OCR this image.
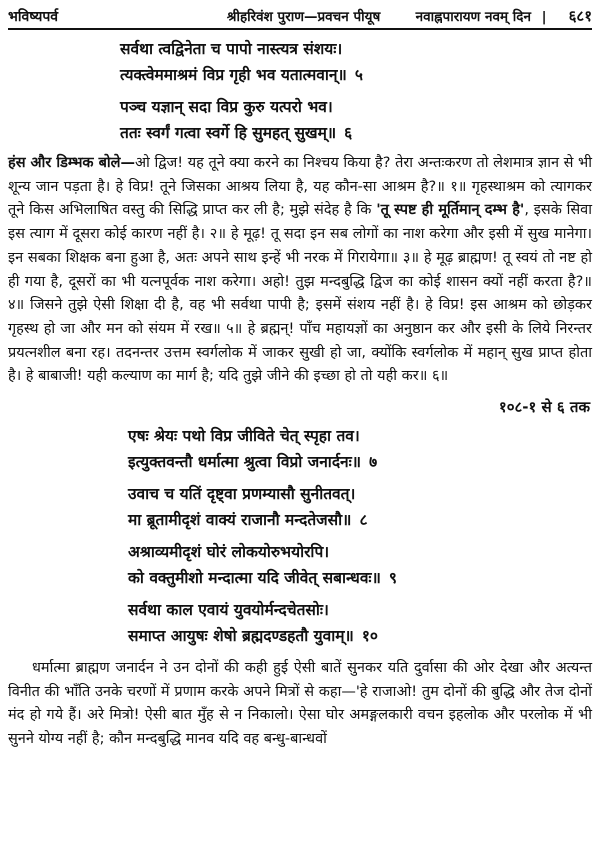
भविष्यपर्व	श्रीहरिवंश पुराण—प्रवचन पीयूष	नवाह्नपारायण नवम् दिन |	६८१
सर्वथा त्वद्विनेता च पापो नास्त्यत्र संशयः।
त्यक्त्वेममाश्रमं विप्र गृही भव यतात्मवान्॥ ५
पञ्च यज्ञान् सदा विप्र कुरु यत्परो भव।
ततः स्वर्गं गत्वा स्वर्गे हि सुमहत् सुखम्॥ ६

हंस और डिम्भक बोले—ओ द्विज! यह तूने क्या करने का निश्चय किया है? तेरा अन्तःकरण तो लेशमात्र ज्ञान से भी शून्य जान पड़ता है। हे विप्र! तूने जिसका आश्रय लिया है, यह कौन-सा आश्रम है?॥ १॥ गृहस्थाश्रम को त्यागकर तूने किस अभिलाषित वस्तु की सिद्धि प्राप्त कर ली है; मुझे संदेह है कि 'तू स्पष्ट ही मूर्तिमान् दम्भ है', इसके सिवा इस त्याग में दूसरा कोई कारण नहीं है। २॥ हे मूढ़! तू सदा इन सब लोगों का नाश करेगा और इसी में सुख मानेगा। इन सबका शिक्षक बना हुआ है, अतः अपने साथ इन्हें भी नरक में गिरायेगा॥ ३॥ हे मूढ़ ब्राह्मण! तू स्वयं तो नष्ट हो ही गया है, दूसरों का भी यत्नपूर्वक नाश करेगा। अहो! तुझ मन्दबुद्धि द्विज का कोई शासन क्यों नहीं करता है?॥ ४॥ जिसने तुझे ऐसी शिक्षा दी है, वह भी सर्वथा पापी है; इसमें संशय नहीं है। हे विप्र! इस आश्रम को छोड़कर गृहस्थ हो जा और मन को संयम में रख॥ ५॥ हे ब्रह्मन्! पाँच महायज्ञों का अनुष्ठान कर और इसी के लिये निरन्तर प्रयत्नशील बना रह। तदनन्तर उत्तम स्वर्गलोक में जाकर सुखी हो जा, क्योंकि स्वर्गलोक में महान् सुख प्राप्त होता है। हे बाबाजी! यही कल्याण का मार्ग है; यदि तुझे जीने की इच्छा हो तो यही कर॥ ६॥

१०८-१ से ६ तक
एषः श्रेयः पथो विप्र जीविते चेत् स्पृहा तव।
इत्युक्तवन्तौ धर्मात्मा श्रुत्वा विप्रो जनार्दनः॥ ७
उवाच च यतिं दृष्ट्वा प्रणम्यासौ सुनीतवत्।
मा ब्रूतामीदृशं वाक्यं राजानौ मन्दतेजसौ॥ ८
अश्राव्यमीदृशं घोरं लोकयोरुभयोरपि।
को वक्तुमीशो मन्दात्मा यदि जीवेत् सबान्धवः॥ ९
सर्वथा काल एवायं युवयोर्मन्दचेतसोः।
समाप्त आयुषः शेषो ब्रह्मदण्डहतौ युवाम्॥ १०

धर्मात्मा ब्राह्मण जनार्दन ने उन दोनों की कही हुई ऐसी बातें सुनकर यति दुर्वासा की ओर देखा और अत्यन्त विनीत की भाँति उनके चरणों में प्रणाम करके अपने मित्रों से कहा—'हे राजाओ! तुम दोनों की बुद्धि और तेज दोनों मंद हो गये हैं। अरे मित्रो! ऐसी बात मुँह से न निकालो। ऐसा घोर अमङ्गलकारी वचन इहलोक और परलोक में भी सुनने योग्य नहीं है; कौन मन्दबुद्धि मानव यदि वह बन्धु-बान्धवों
